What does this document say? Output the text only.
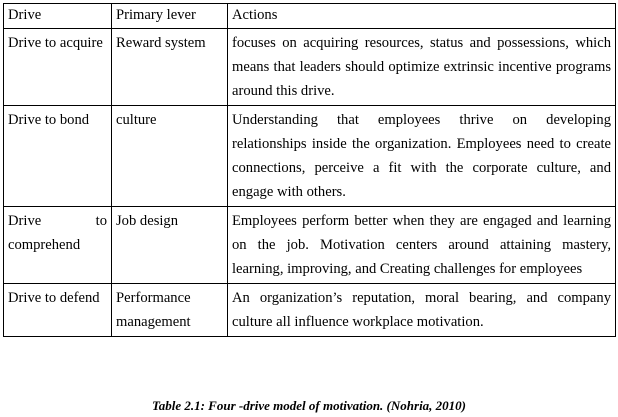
Drive	Primary lever	Actions
Drive to acquire	Reward system	focuses on acquiring resources, status and possessions, which means that leaders should optimize extrinsic incentive programs around this drive.
Drive to bond	culture	Understanding that employees thrive on developing relationships inside the organization. Employees need to create connections, perceive a fit with the corporate culture, and engage with others.
Drive to comprehend	Job design	Employees perform better when they are engaged and learning on the job. Motivation centers around attaining mastery, learning, improving, and Creating challenges for employees
Drive to defend	Performance management	An organization’s reputation, moral bearing, and company culture all influence workplace motivation.
Table 2.1: Four -drive model of motivation. (Nohria, 2010)
